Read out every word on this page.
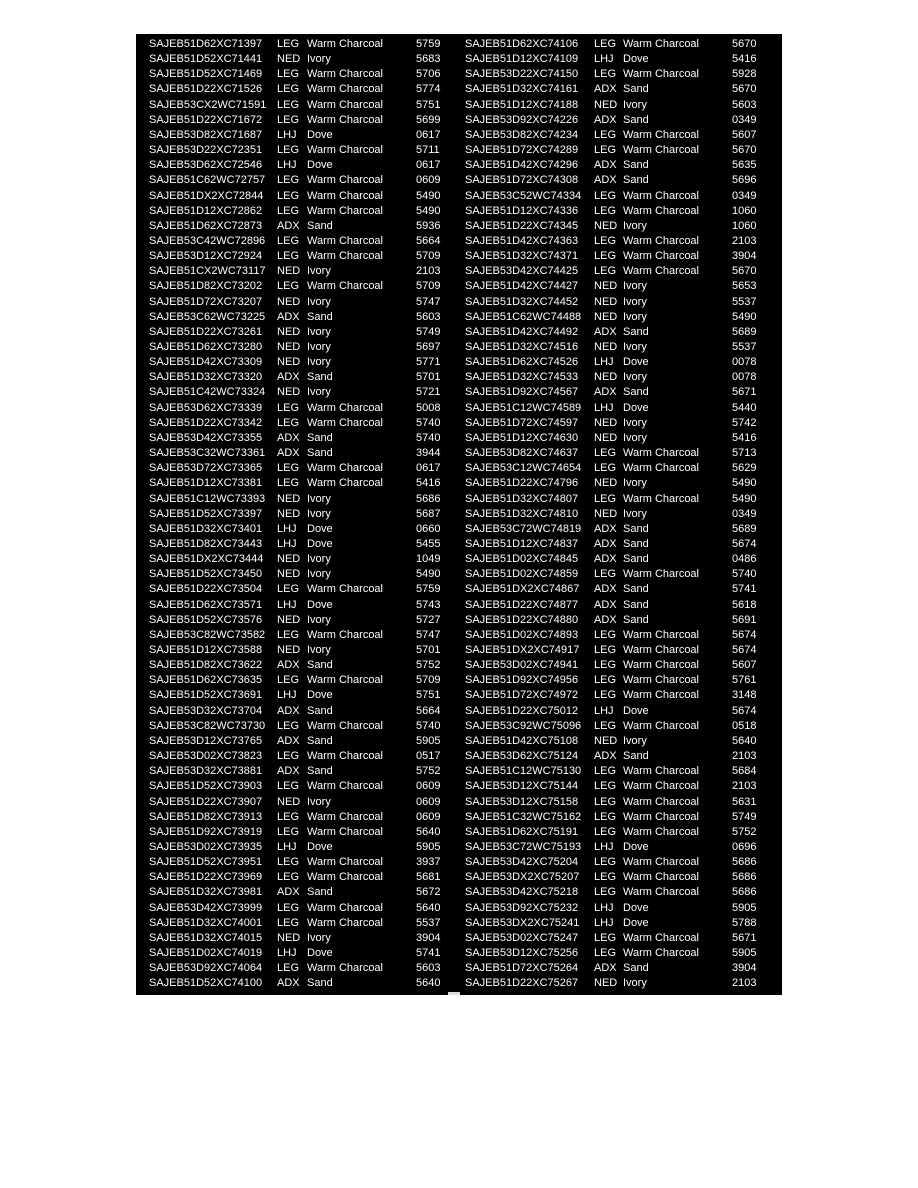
SAJEB51D62XC71397 LEG Warm Charcoal	5759 SAJEB51D62XC74106 LEG Warm Charcoal	5670
SAJEB51D52XC71441 NED Ivory	5683 SAJEB51D12XC74109 LHJ Dove	5416
SAJEB51D52XC71469 LEG Warm Charcoal	5706 SAJEB53D22XC74150 LEG Warm Charcoal	5928
SAJEB51D22XC71526 LEG Warm Charcoal	5774 SAJEB51D32XC74161 ADX Sand	5670
SAJEB53CX2WC71591 LEG Warm Charcoal	5751 SAJEB51D12XC74188 NED Ivory	5603
SAJEB51D22XC71672 LEG Warm Charcoal	5699 SAJEB53D92XC74226 ADX Sand	0349
SAJEB53D82XC71687 LHJ Dove	0617 SAJEB53D82XC74234 LEG Warm Charcoal	5607
SAJEB53D22XC72351 LEG Warm Charcoal	5711 SAJEB51D72XC74289 LEG Warm Charcoal	5670
SAJEB53D62XC72546 LHJ Dove	0617 SAJEB51D42XC74296 ADX Sand	5635
SAJEB51C62WC72757 LEG Warm Charcoal	0609 SAJEB51D72XC74308 ADX Sand	5696
SAJEB51DX2XC72844 LEG Warm Charcoal	5490 SAJEB53C52WC74334 LEG Warm Charcoal	0349
SAJEB51D12XC72862 LEG Warm Charcoal	5490 SAJEB51D12XC74336 LEG Warm Charcoal	1060
SAJEB51D62XC72873 ADX Sand	5936 SAJEB51D22XC74345 NED Ivory	1060
SAJEB53C42WC72896 LEG Warm Charcoal	5664 SAJEB51D42XC74363 LEG Warm Charcoal	2103
SAJEB53D12XC72924 LEG Warm Charcoal	5709 SAJEB51D32XC74371 LEG Warm Charcoal	3904
SAJEB51CX2WC73117 NED Ivory	2103 SAJEB53D42XC74425 LEG Warm Charcoal	5670
SAJEB51D82XC73202 LEG Warm Charcoal	5709 SAJEB51D42XC74427 NED Ivory	5653
SAJEB51D72XC73207 NED Ivory	5747 SAJEB51D32XC74452 NED Ivory	5537
SAJEB53C62WC73225 ADX Sand	5603 SAJEB51C62WC74488 NED Ivory	5490
SAJEB51D22XC73261 NED Ivory	5749 SAJEB51D42XC74492 ADX Sand	5689
SAJEB51D62XC73280 NED Ivory	5697 SAJEB51D32XC74516 NED Ivory	5537
SAJEB51D42XC73309 NED Ivory	5771 SAJEB51D62XC74526 LHJ Dove	0078
SAJEB51D32XC73320 ADX Sand	5701 SAJEB51D32XC74533 NED Ivory	0078
SAJEB51C42WC73324 NED Ivory	5721 SAJEB51D92XC74567 ADX Sand	5671
SAJEB53D62XC73339 LEG Warm Charcoal	5008 SAJEB51C12WC74589 LHJ Dove	5440
SAJEB51D22XC73342 LEG Warm Charcoal	5740 SAJEB51D72XC74597 NED Ivory	5742
SAJEB53D42XC73355 ADX Sand	5740 SAJEB51D12XC74630 NED Ivory	5416
SAJEB53C32WC73361 ADX Sand	3944 SAJEB53D82XC74637 LEG Warm Charcoal	5713
SAJEB53D72XC73365 LEG Warm Charcoal	0617 SAJEB53C12WC74654 LEG Warm Charcoal	5629
SAJEB51D12XC73381 LEG Warm Charcoal	5416 SAJEB51D22XC74796 NED Ivory	5490
SAJEB51C12WC73393 NED Ivory	5686 SAJEB51D32XC74807 LEG Warm Charcoal	5490
SAJEB51D52XC73397 NED Ivory	5687 SAJEB51D32XC74810 NED Ivory	0349
SAJEB51D32XC73401 LHJ Dove	0660 SAJEB53C72WC74819 ADX Sand	5689
SAJEB51D82XC73443 LHJ Dove	5455 SAJEB51D12XC74837 ADX Sand	5674
SAJEB51DX2XC73444 NED Ivory	1049 SAJEB51D02XC74845 ADX Sand	0486
SAJEB51D52XC73450 NED Ivory	5490 SAJEB51D02XC74859 LEG Warm Charcoal	5740
SAJEB51D22XC73504 LEG Warm Charcoal	5759 SAJEB51DX2XC74867 ADX Sand	5741
SAJEB51D62XC73571 LHJ Dove	5743 SAJEB51D22XC74877 ADX Sand	5618
SAJEB51D52XC73576 NED Ivory	5727 SAJEB51D22XC74880 ADX Sand	5691
SAJEB53C82WC73582 LEG Warm Charcoal	5747 SAJEB51D02XC74893 LEG Warm Charcoal	5674
SAJEB51D12XC73588 NED Ivory	5701 SAJEB51DX2XC74917 LEG Warm Charcoal	5674
SAJEB51D82XC73622 ADX Sand	5752 SAJEB53D02XC74941 LEG Warm Charcoal	5607
SAJEB51D62XC73635 LEG Warm Charcoal	5709 SAJEB51D92XC74956 LEG Warm Charcoal	5761
SAJEB51D52XC73691 LHJ Dove	5751 SAJEB51D72XC74972 LEG Warm Charcoal	3148
SAJEB53D32XC73704 ADX Sand	5664 SAJEB51D22XC75012 LHJ Dove	5674
SAJEB53C82WC73730 LEG Warm Charcoal	5740 SAJEB53C92WC75096 LEG Warm Charcoal	0518
SAJEB53D12XC73765 ADX Sand	5905 SAJEB51D42XC75108 NED Ivory	5640
SAJEB53D02XC73823 LEG Warm Charcoal	0517 SAJEB53D62XC75124 ADX Sand	2103
SAJEB53D32XC73881 ADX Sand	5752 SAJEB51C12WC75130 LEG Warm Charcoal	5684
SAJEB51D52XC73903 LEG Warm Charcoal	0609 SAJEB53D12XC75144 LEG Warm Charcoal	2103
SAJEB51D22XC73907 NED Ivory	0609 SAJEB53D12XC75158 LEG Warm Charcoal	5631
SAJEB51D82XC73913 LEG Warm Charcoal	0609 SAJEB51C32WC75162 LEG Warm Charcoal	5749
SAJEB51D92XC73919 LEG Warm Charcoal	5640 SAJEB51D62XC75191 LEG Warm Charcoal	5752
SAJEB53D02XC73935 LHJ Dove	5905 SAJEB53C72WC75193 LHJ Dove	0696
SAJEB51D52XC73951 LEG Warm Charcoal	3937 SAJEB53D42XC75204 LEG Warm Charcoal	5686
SAJEB51D22XC73969 LEG Warm Charcoal	5681 SAJEB53DX2XC75207 LEG Warm Charcoal	5686
SAJEB51D32XC73981 ADX Sand	5672 SAJEB53D42XC75218 LEG Warm Charcoal	5686
SAJEB53D42XC73999 LEG Warm Charcoal	5640 SAJEB53D92XC75232 LHJ Dove	5905
SAJEB51D32XC74001 LEG Warm Charcoal	5537 SAJEB53DX2XC75241 LHJ Dove	5788
SAJEB51D32XC74015 NED Ivory	3904 SAJEB53D02XC75247 LEG Warm Charcoal	5671
SAJEB51D02XC74019 LHJ Dove	5741 SAJEB53D12XC75256 LEG Warm Charcoal	5905
SAJEB53D92XC74064 LEG Warm Charcoal	5603 SAJEB51D72XC75264 ADX Sand	3904
SAJEB51D52XC74100 ADX Sand	5640 SAJEB51D22XC75267 NED Ivory	2103
